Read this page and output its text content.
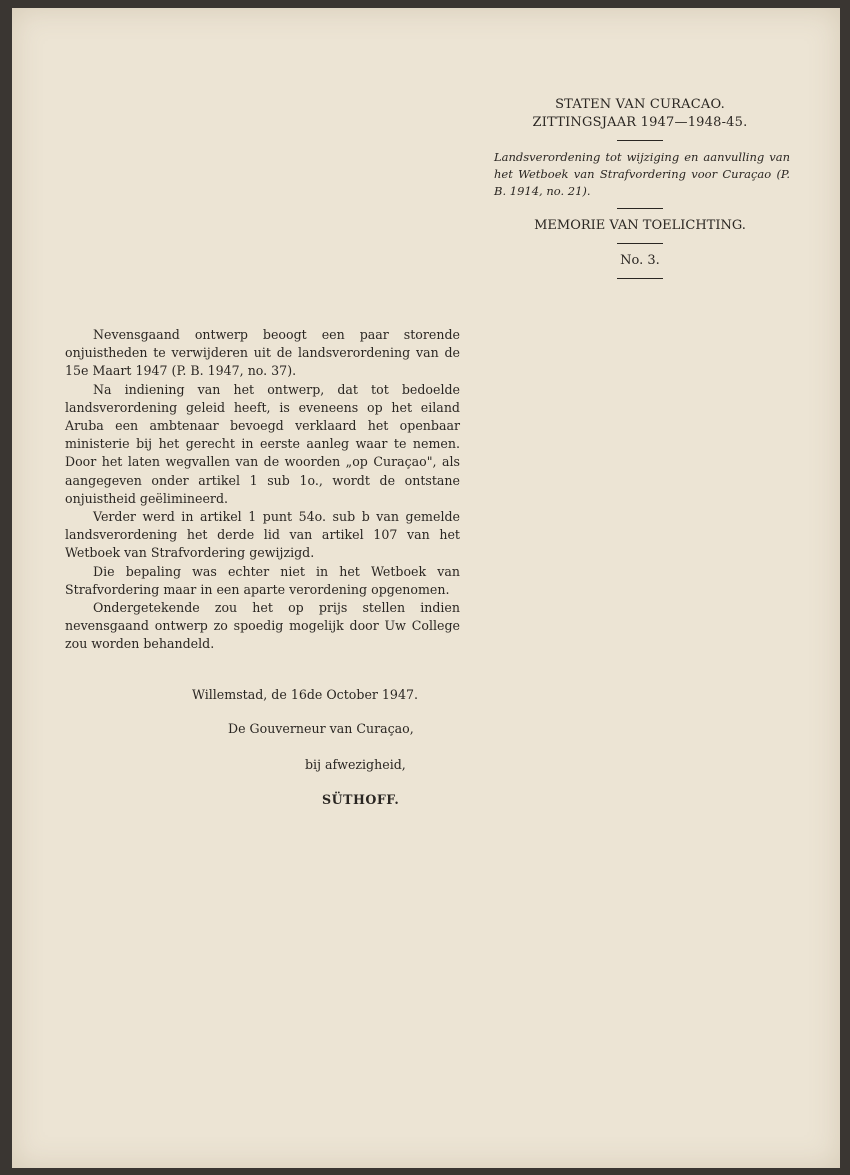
STATEN VAN CURACAO.
ZITTINGSJAAR 1947—1948-45.
Landsverordening tot wijziging en aanvulling van het Wetboek van Strafvordering voor Curaçao (P. B. 1914, no. 21).
MEMORIE VAN TOELICHTING.
No. 3.

Nevensgaand ontwerp beoogt een paar storende onjuistheden te verwijderen uit de landsverordening van de 15e Maart 1947 (P. B. 1947, no. 37).

Na indiening van het ontwerp, dat tot bedoelde landsverordening geleid heeft, is eveneens op het eiland Aruba een ambtenaar bevoegd verklaard het openbaar ministerie bij het gerecht in eerste aanleg waar te nemen. Door het laten wegvallen van de woorden „op Curaçao", als aangegeven onder artikel 1 sub 1o., wordt de ontstane onjuistheid geëlimineerd.

Verder werd in artikel 1 punt 54o. sub b van gemelde landsverordening het derde lid van artikel 107 van het Wetboek van Strafvordering gewijzigd.

Die bepaling was echter niet in het Wetboek van Strafvordering maar in een aparte verordening opgenomen.

Ondergetekende zou het op prijs stellen indien nevensgaand ontwerp zo spoedig mogelijk door Uw College zou worden behandeld.

Willemstad, de 16de October 1947.
De Gouverneur van Curaçao,
bij afwezigheid,
SÜTHOFF.
